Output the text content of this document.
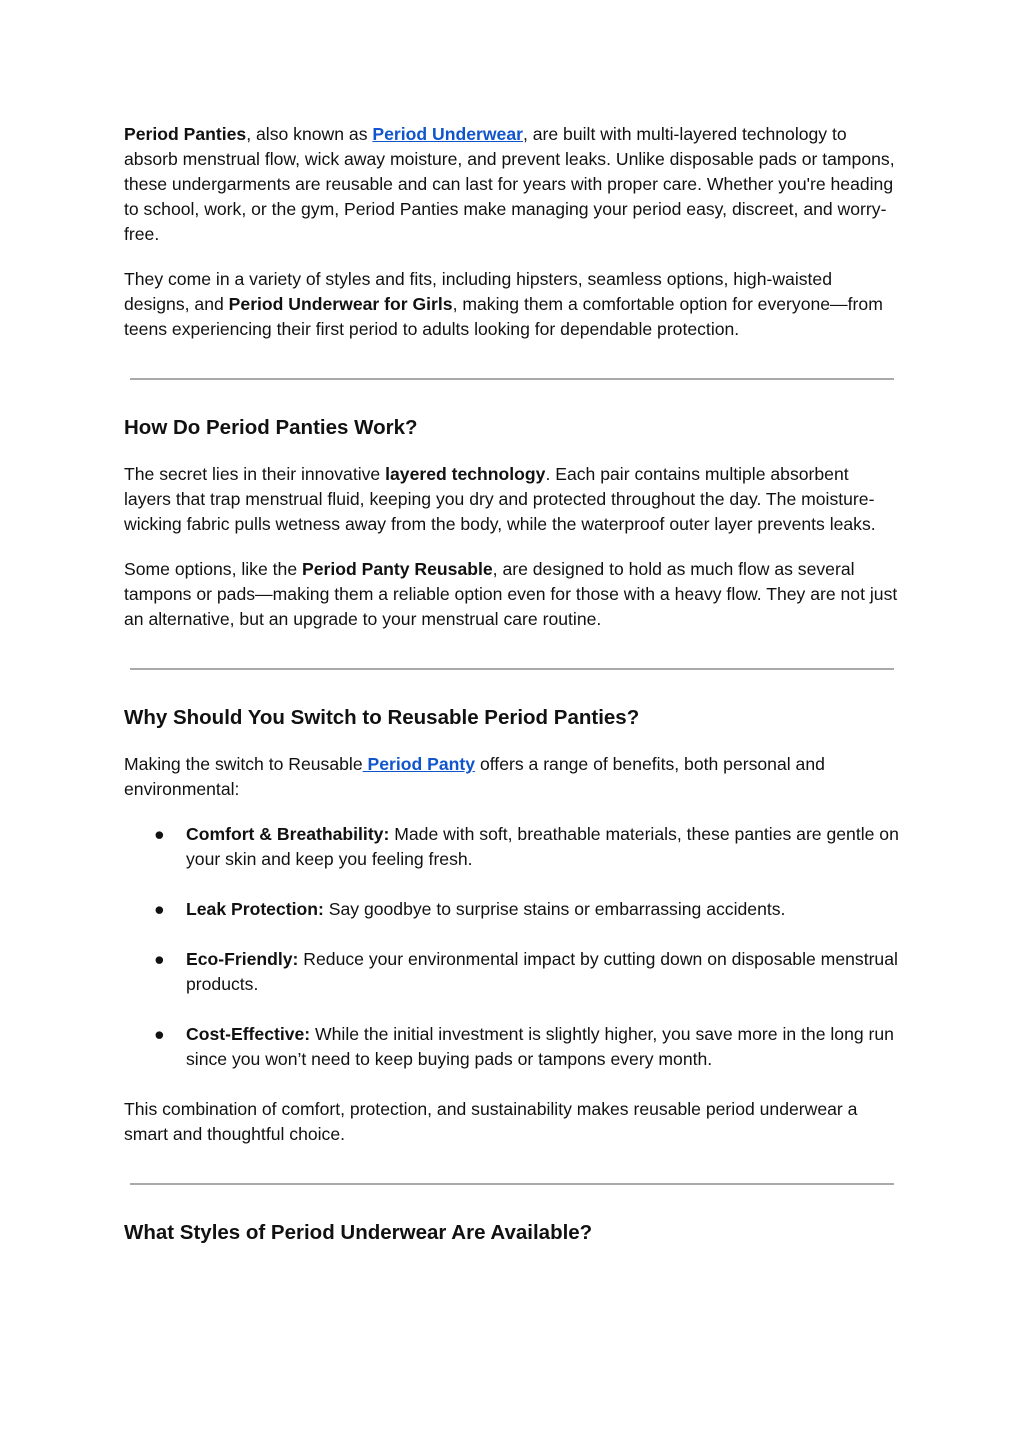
Period Panties, also known as Period Underwear, are built with multi-layered technology to absorb menstrual flow, wick away moisture, and prevent leaks. Unlike disposable pads or tampons, these undergarments are reusable and can last for years with proper care. Whether you're heading to school, work, or the gym, Period Panties make managing your period easy, discreet, and worry-free.

They come in a variety of styles and fits, including hipsters, seamless options, high-waisted designs, and Period Underwear for Girls, making them a comfortable option for everyone—from teens experiencing their first period to adults looking for dependable protection.

How Do Period Panties Work?

The secret lies in their innovative layered technology. Each pair contains multiple absorbent layers that trap menstrual fluid, keeping you dry and protected throughout the day. The moisture-wicking fabric pulls wetness away from the body, while the waterproof outer layer prevents leaks.

Some options, like the Period Panty Reusable, are designed to hold as much flow as several tampons or pads—making them a reliable option even for those with a heavy flow. They are not just an alternative, but an upgrade to your menstrual care routine.

Why Should You Switch to Reusable Period Panties?

Making the switch to Reusable Period Panty offers a range of benefits, both personal and environmental:

● Comfort & Breathability: Made with soft, breathable materials, these panties are gentle on your skin and keep you feeling fresh.
● Leak Protection: Say goodbye to surprise stains or embarrassing accidents.
● Eco-Friendly: Reduce your environmental impact by cutting down on disposable menstrual products.
● Cost-Effective: While the initial investment is slightly higher, you save more in the long run since you won’t need to keep buying pads or tampons every month.

This combination of comfort, protection, and sustainability makes reusable period underwear a smart and thoughtful choice.

What Styles of Period Underwear Are Available?
